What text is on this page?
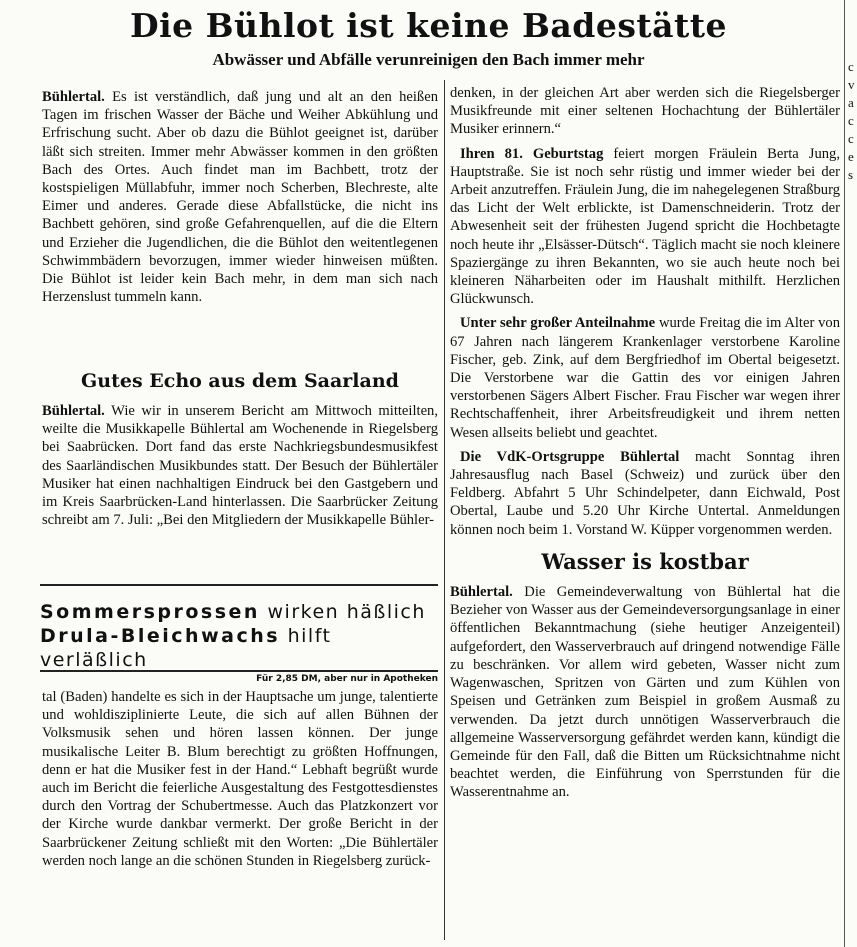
Die Bühlot ist keine Badestätte
Abwässer und Abfälle verunreinigen den Bach immer mehr

Bühlertal. Es ist verständlich, daß jung und alt an den heißen Tagen im frischen Wasser der Bäche und Weiher Abkühlung und Erfrischung sucht. Aber ob dazu die Bühlot geeignet ist, darüber läßt sich streiten. Immer mehr Abwässer kommen in den größten Bach des Ortes. Auch findet man im Bachbett, trotz der kostspieligen Müllabfuhr, immer noch Scherben, Blechreste, alte Eimer und anderes. Gerade diese Abfallstücke, die nicht ins Bachbett gehören, sind große Gefahrenquellen, auf die die Eltern und Erzieher die Jugendlichen, die die Bühlot den weitentlegenen Schwimmbädern bevorzugen, immer wieder hinweisen müßten. Die Bühlot ist leider kein Bach mehr, in dem man sich nach Herzenslust tummeln kann.

Gutes Echo aus dem Saarland

Bühlertal. Wie wir in unserem Bericht am Mittwoch mitteilten, weilte die Musikkapelle Bühlertal am Wochenende in Riegelsberg bei Saabrücken. Dort fand das erste Nachkriegsbundesmusikfest des Saarländischen Musikbundes statt. Der Besuch der Bühlertäler Musiker hat einen nachhaltigen Eindruck bei den Gastgebern und im Kreis Saarbrücken-Land hinterlassen. Die Saarbrücker Zeitung schreibt am 7. Juli: „Bei den Mitgliedern der Musikkapelle Bühler-

Sommersprossen wirken häßlich
Drula-Bleichwachs hilft verläßlich
Für 2,85 DM, aber nur in Apotheken

tal (Baden) handelte es sich in der Hauptsache um junge, talentierte und wohldisziplinierte Leute, die sich auf allen Bühnen der Volksmusik sehen und hören lassen können. Der junge musikalische Leiter B. Blum berechtigt zu größten Hoffnungen, denn er hat die Musiker fest in der Hand.“ Lebhaft begrüßt wurde auch im Bericht die feierliche Ausgestaltung des Festgottesdienstes durch den Vortrag der Schubertmesse. Auch das Platzkonzert vor der Kirche wurde dankbar vermerkt. Der große Bericht in der Saarbrückener Zeitung schließt mit den Worten: „Die Bühlertäler werden noch lange an die schönen Stunden in Riegelsberg zurück-

denken, in der gleichen Art aber werden sich die Riegelsberger Musikfreunde mit einer seltenen Hochachtung der Bühlertäler Musiker erinnern.“

Ihren 81. Geburtstag feiert morgen Fräulein Berta Jung, Hauptstraße. Sie ist noch sehr rüstig und immer wieder bei der Arbeit anzutreffen. Fräulein Jung, die im nahegelegenen Straßburg das Licht der Welt erblickte, ist Damenschneiderin. Trotz der Abwesenheit seit der frühesten Jugend spricht die Hochbetagte noch heute ihr „Elsässer-Dütsch“. Täglich macht sie noch kleinere Spaziergänge zu ihren Bekannten, wo sie auch heute noch bei kleineren Näharbeiten oder im Haushalt mithilft. Herzlichen Glückwunsch.

Unter sehr großer Anteilnahme wurde Freitag die im Alter von 67 Jahren nach längerem Krankenlager verstorbene Karoline Fischer, geb. Zink, auf dem Bergfriedhof im Obertal beigesetzt. Die Verstorbene war die Gattin des vor einigen Jahren verstorbenen Sägers Albert Fischer. Frau Fischer war wegen ihrer Rechtschaffenheit, ihrer Arbeitsfreudigkeit und ihrem netten Wesen allseits beliebt und geachtet.

Die VdK-Ortsgruppe Bühlertal macht Sonntag ihren Jahresausflug nach Basel (Schweiz) und zurück über den Feldberg. Abfahrt 5 Uhr Schindelpeter, dann Eichwald, Post Obertal, Laube und 5.20 Uhr Kirche Untertal. Anmeldungen können noch beim 1. Vorstand W. Küpper vorgenommen werden.

Wasser is kostbar

Bühlertal. Die Gemeindeverwaltung von Bühlertal hat die Bezieher von Wasser aus der Gemeindeversorgungsanlage in einer öffentlichen Bekanntmachung (siehe heutiger Anzeigenteil) aufgefordert, den Wasserverbrauch auf dringend notwendige Fälle zu beschränken. Vor allem wird gebeten, Wasser nicht zum Wagenwaschen, Spritzen von Gärten und zum Kühlen von Speisen und Getränken zum Beispiel in großem Ausmaß zu verwenden. Da jetzt durch unnötigen Wasserverbrauch die allgemeine Wasserversorgung gefährdet werden kann, kündigt die Gemeinde für den Fall, daß die Bitten um Rücksichtnahme nicht beachtet werden, die Einführung von Sperrstunden für die Wasserentnahme an.

c
v
a
c
c
e
s
